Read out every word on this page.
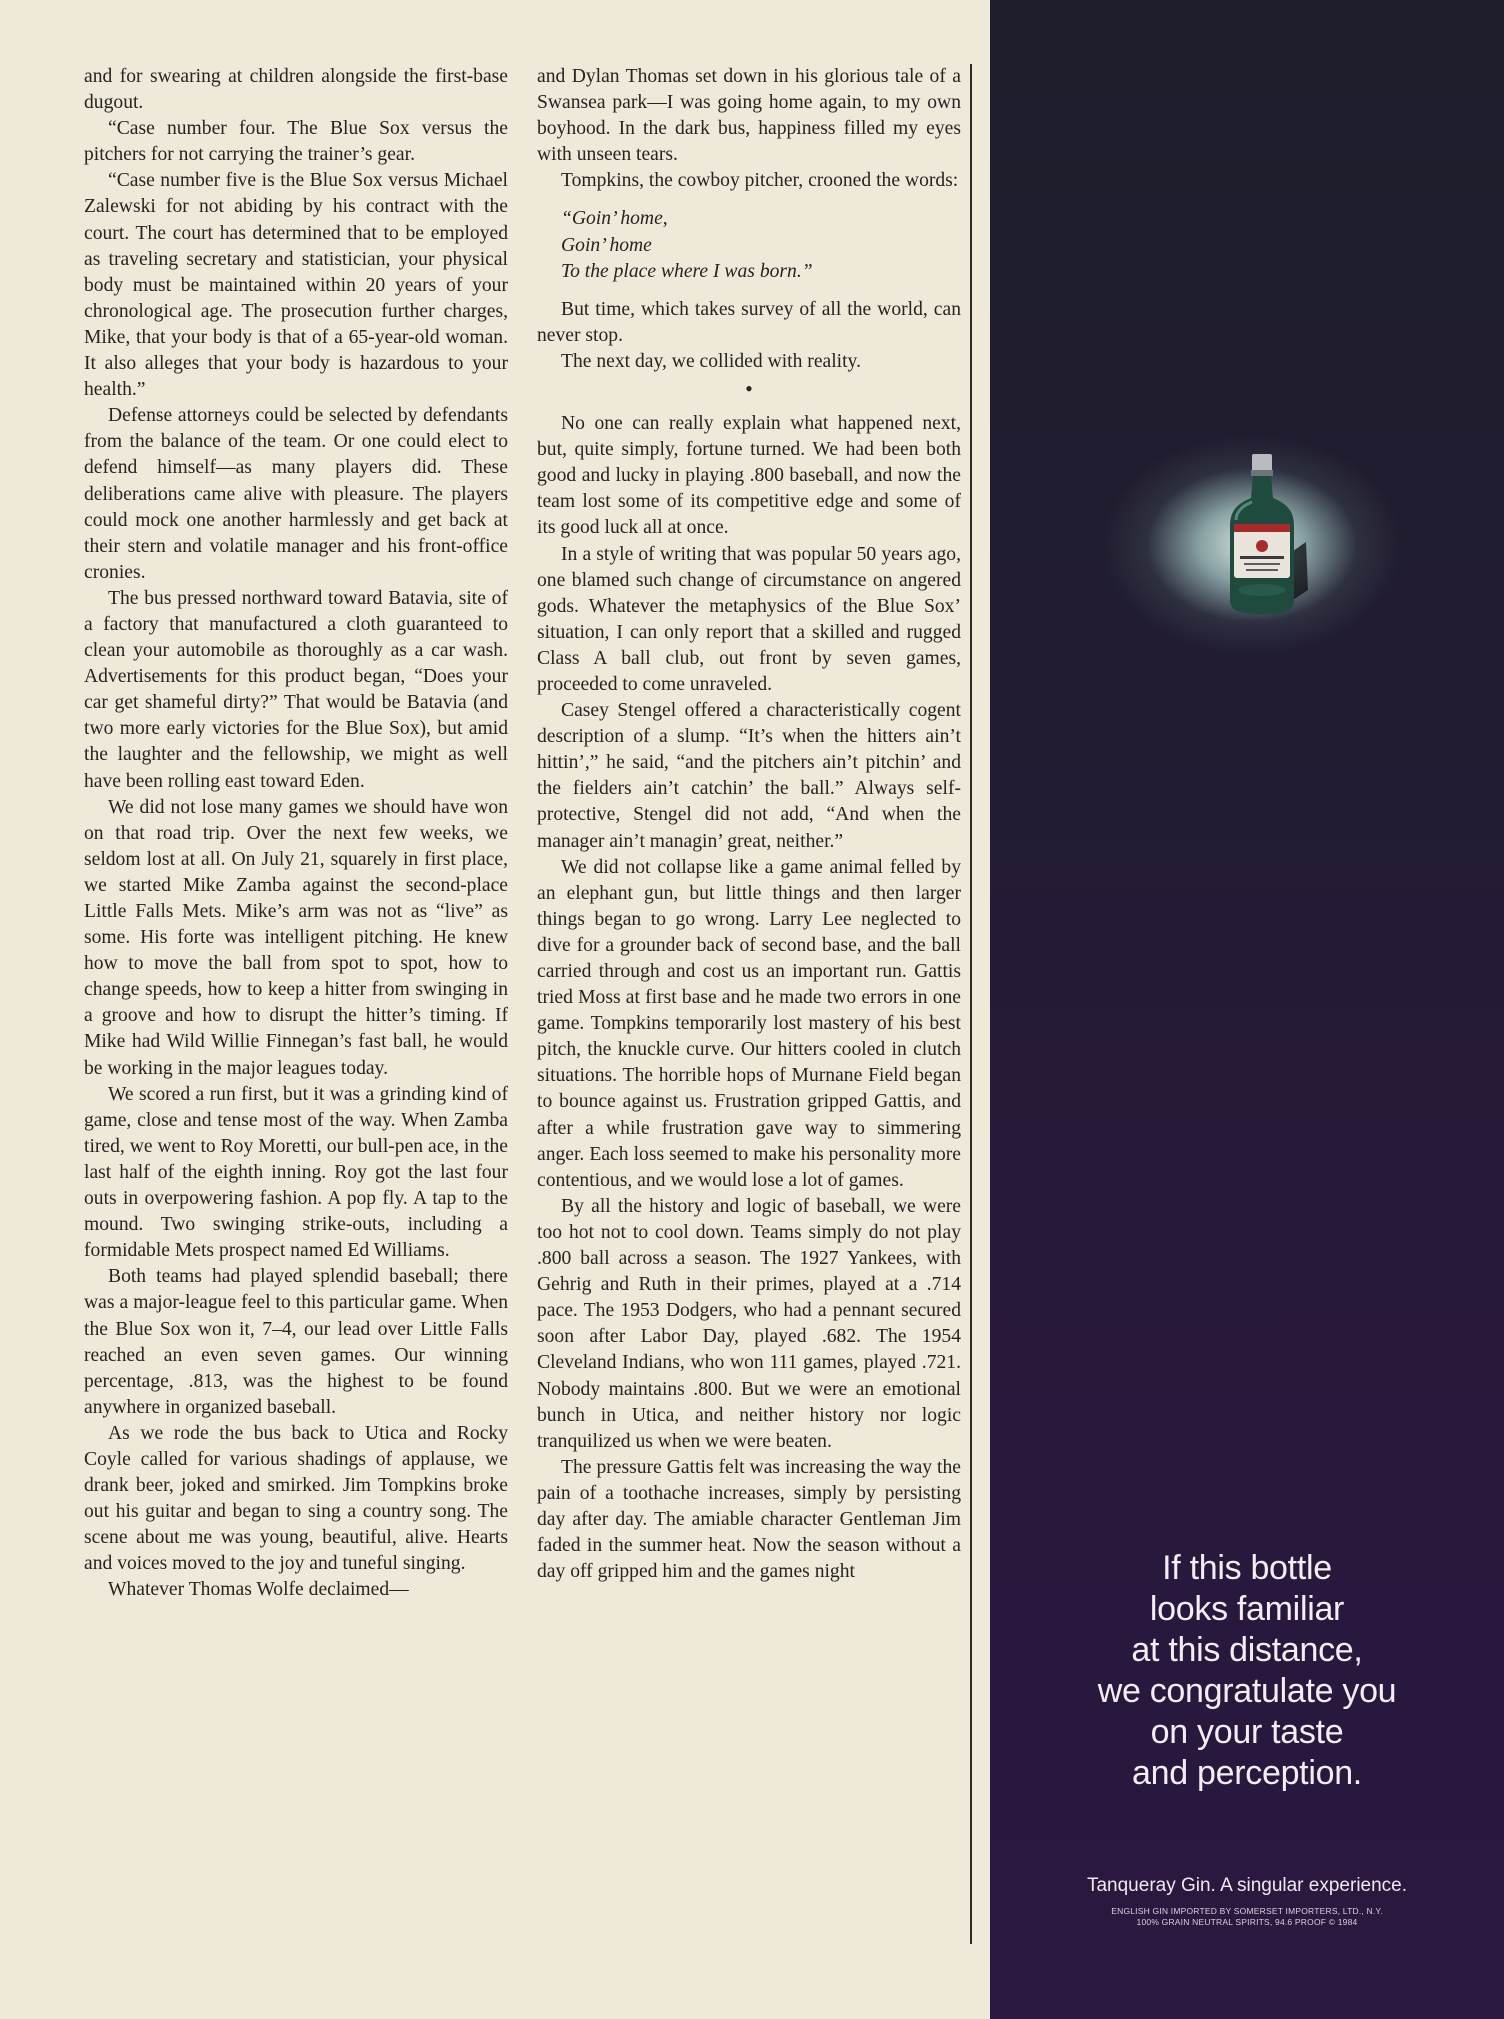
and for swearing at children alongside the first-base dugout.

“Case number four. The Blue Sox versus the pitchers for not carrying the trainer’s gear.

“Case number five is the Blue Sox versus Michael Zalewski for not abiding by his contract with the court. The court has determined that to be employed as traveling secretary and statistician, your physical body must be maintained within 20 years of your chronological age. The prosecution further charges, Mike, that your body is that of a 65-year-old woman. It also alleges that your body is hazardous to your health.”

Defense attorneys could be selected by defendants from the balance of the team. Or one could elect to defend himself—as many players did. These deliberations came alive with pleasure. The players could mock one another harmlessly and get back at their stern and volatile manager and his front-office cronies.

The bus pressed northward toward Batavia, site of a factory that manufactured a cloth guaranteed to clean your automobile as thoroughly as a car wash. Advertisements for this product began, “Does your car get shameful dirty?” That would be Batavia (and two more early victories for the Blue Sox), but amid the laughter and the fellowship, we might as well have been rolling east toward Eden.

We did not lose many games we should have won on that road trip. Over the next few weeks, we seldom lost at all. On July 21, squarely in first place, we started Mike Zamba against the second-place Little Falls Mets. Mike’s arm was not as “live” as some. His forte was intelligent pitching. He knew how to move the ball from spot to spot, how to change speeds, how to keep a hitter from swinging in a groove and how to disrupt the hitter’s timing. If Mike had Wild Willie Finnegan’s fast ball, he would be working in the major leagues today.

We scored a run first, but it was a grinding kind of game, close and tense most of the way. When Zamba tired, we went to Roy Moretti, our bull-pen ace, in the last half of the eighth inning. Roy got the last four outs in overpowering fashion. A pop fly. A tap to the mound. Two swinging strike-outs, including a formidable Mets prospect named Ed Williams.

Both teams had played splendid baseball; there was a major-league feel to this particular game. When the Blue Sox won it, 7–4, our lead over Little Falls reached an even seven games. Our winning percentage, .813, was the highest to be found anywhere in organized baseball.

As we rode the bus back to Utica and Rocky Coyle called for various shadings of applause, we drank beer, joked and smirked. Jim Tompkins broke out his guitar and began to sing a country song. The scene about me was young, beautiful, alive. Hearts and voices moved to the joy and tuneful singing.

Whatever Thomas Wolfe declaimed—

and Dylan Thomas set down in his glorious tale of a Swansea park—I was going home again, to my own boyhood. In the dark bus, happiness filled my eyes with unseen tears.

Tompkins, the cowboy pitcher, crooned the words:

“Goin’ home,
Goin’ home
To the place where I was born.”

But time, which takes survey of all the world, can never stop.

The next day, we collided with reality.

•

No one can really explain what happened next, but, quite simply, fortune turned. We had been both good and lucky in playing .800 baseball, and now the team lost some of its competitive edge and some of its good luck all at once.

In a style of writing that was popular 50 years ago, one blamed such change of circumstance on angered gods. Whatever the metaphysics of the Blue Sox’ situation, I can only report that a skilled and rugged Class A ball club, out front by seven games, proceeded to come unraveled.

Casey Stengel offered a characteristically cogent description of a slump. “It’s when the hitters ain’t hittin’,” he said, “and the pitchers ain’t pitchin’ and the fielders ain’t catchin’ the ball.” Always self-protective, Stengel did not add, “And when the manager ain’t managin’ great, neither.”

We did not collapse like a game animal felled by an elephant gun, but little things and then larger things began to go wrong. Larry Lee neglected to dive for a grounder back of second base, and the ball carried through and cost us an important run. Gattis tried Moss at first base and he made two errors in one game. Tompkins temporarily lost mastery of his best pitch, the knuckle curve. Our hitters cooled in clutch situations. The horrible hops of Murnane Field began to bounce against us. Frustration gripped Gattis, and after a while frustration gave way to simmering anger. Each loss seemed to make his personality more contentious, and we would lose a lot of games.

By all the history and logic of baseball, we were too hot not to cool down. Teams simply do not play .800 ball across a season. The 1927 Yankees, with Gehrig and Ruth in their primes, played at a .714 pace. The 1953 Dodgers, who had a pennant secured soon after Labor Day, played .682. The 1954 Cleveland Indians, who won 111 games, played .721. Nobody maintains .800. But we were an emotional bunch in Utica, and neither history nor logic tranquilized us when we were beaten.

The pressure Gattis felt was increasing the way the pain of a toothache increases, simply by persisting day after day. The amiable character Gentleman Jim faded in the summer heat. Now the season without a day off gripped him and the games night	If this bottle
looks familiar
at this distance,
we congratulate you
on your taste
and perception.
Tanqueray Gin. A singular experience.
ENGLISH GIN IMPORTED BY SOMERSET IMPORTERS, LTD., N.Y.
100% GRAIN NEUTRAL SPIRITS, 94.6 PROOF © 1984
